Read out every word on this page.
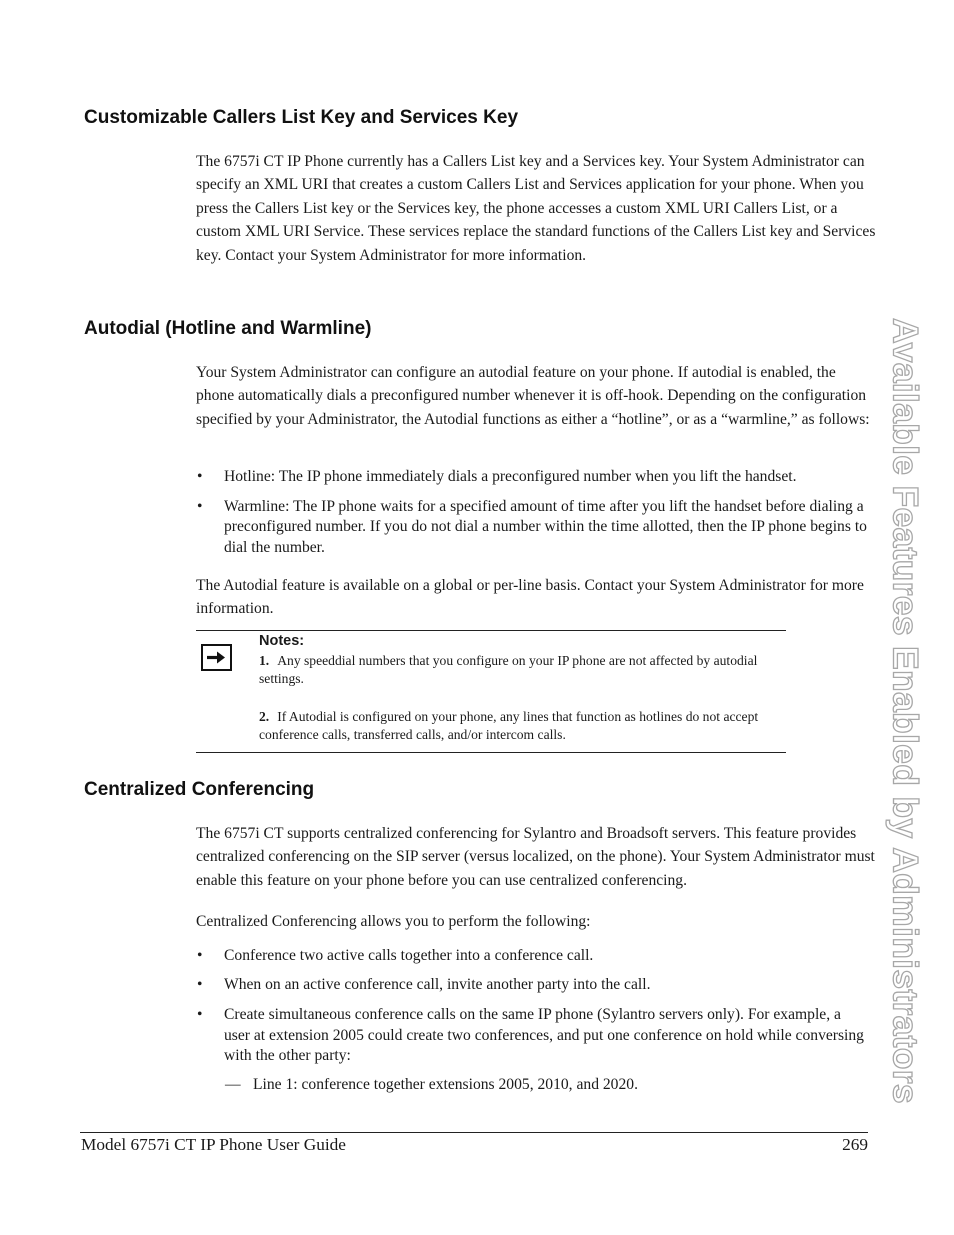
Customizable Callers List Key and Services Key

The 6757i CT IP Phone currently has a Callers List key and a Services key. Your System Administrator can specify an XML URI that creates a custom Callers List and Services application for your phone. When you press the Callers List key or the Services key, the phone accesses a custom XML URI Callers List, or a custom XML URI Service. These services replace the standard functions of the Callers List key and Services key. Contact your System Administrator for more information.

Autodial (Hotline and Warmline)

Your System Administrator can configure an autodial feature on your phone. If autodial is enabled, the phone automatically dials a preconfigured number whenever it is off-hook. Depending on the configuration specified by your Administrator, the Autodial functions as either a “hotline”, or as a “warmline,” as follows:

• Hotline: The IP phone immediately dials a preconfigured number when you lift the handset.
• Warmline: The IP phone waits for a specified amount of time after you lift the handset before dialing a preconfigured number. If you do not dial a number within the time allotted, then the IP phone begins to dial the number.

The Autodial feature is available on a global or per-line basis. Contact your System Administrator for more information.

Notes:
1. Any speeddial numbers that you configure on your IP phone are not affected by autodial settings.
2. If Autodial is configured on your phone, any lines that function as hotlines do not accept conference calls, transferred calls, and/or intercom calls.
Centralized Conferencing

The 6757i CT supports centralized conferencing for Sylantro and Broadsoft servers. This feature provides centralized conferencing on the SIP server (versus localized, on the phone). Your System Administrator must enable this feature on your phone before you can use centralized conferencing.

Centralized Conferencing allows you to perform the following:

• Conference two active calls together into a conference call.
• When on an active conference call, invite another party into the call.
• Create simultaneous conference calls on the same IP phone (Sylantro servers only). For example, a user at extension 2005 could create two conferences, and put one conference on hold while conversing with the other party:
— Line 1: conference together extensions 2005, 2010, and 2020.	Available Features Enabled by Administrators
Model 6757i CT IP Phone User Guide	269
